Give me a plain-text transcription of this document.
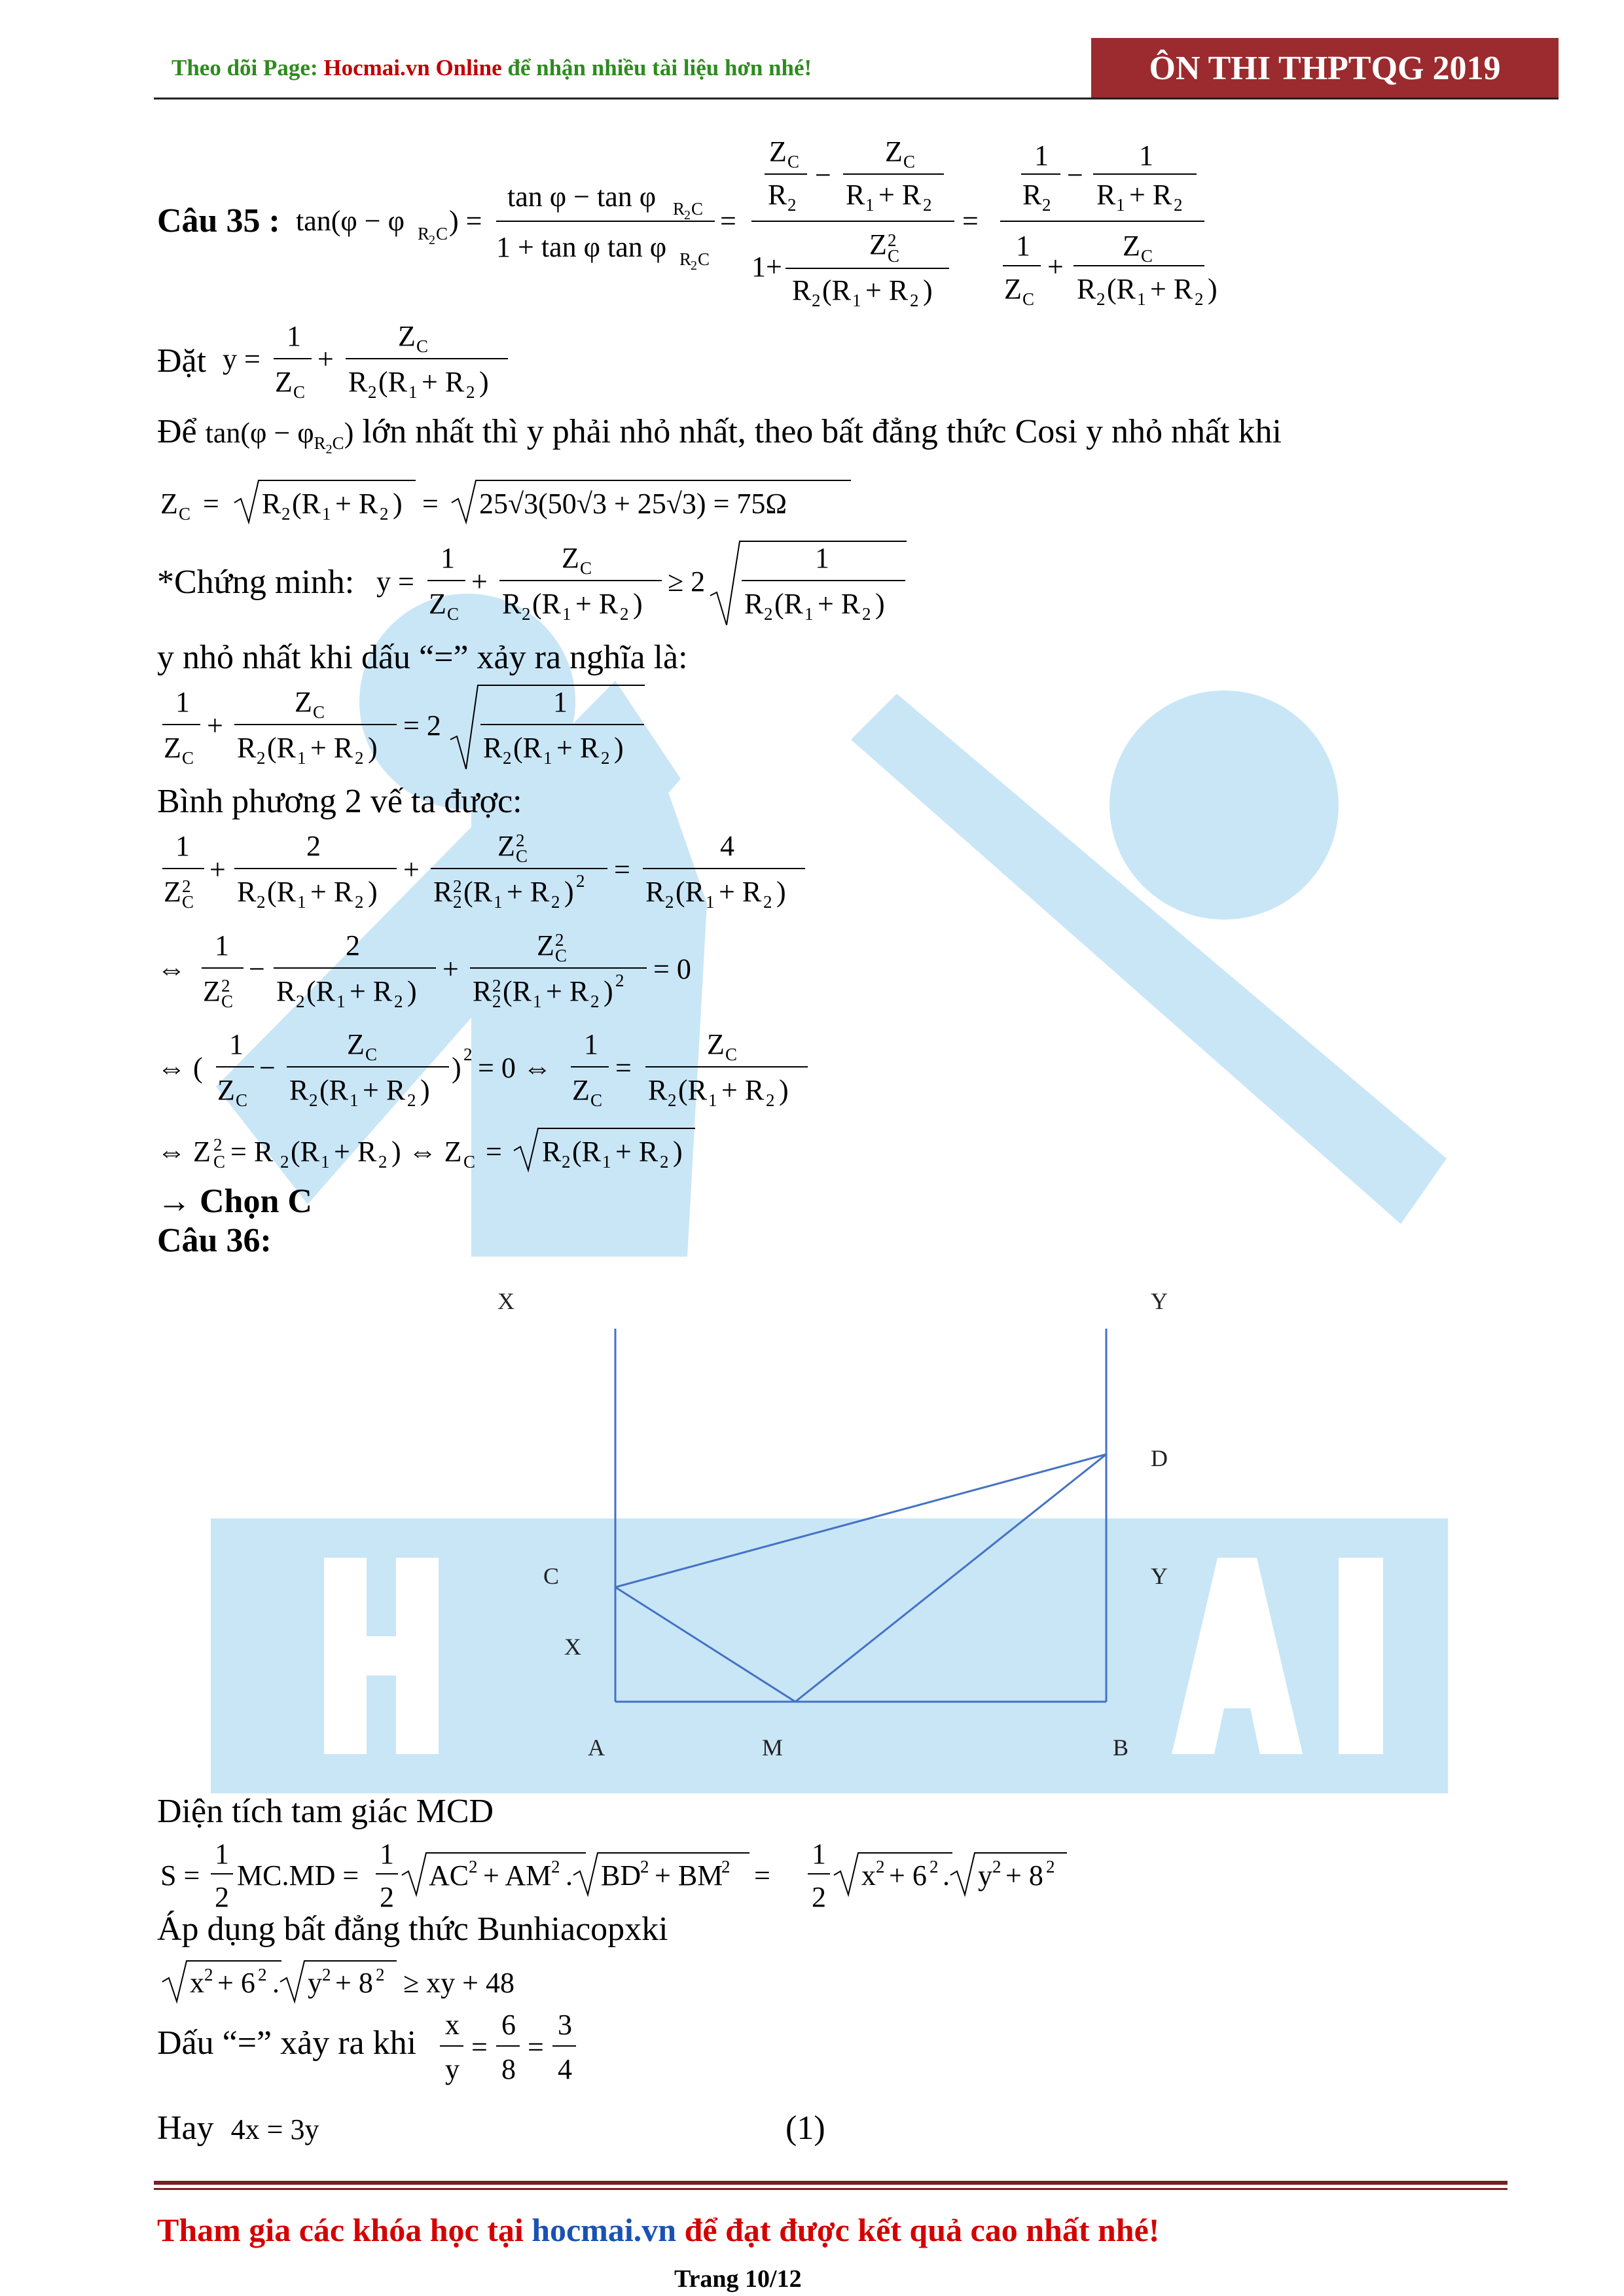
Theo dõi Page: Hocmai.vn Online để nhận nhiều tài liệu hơn nhé!	ÔN THI THPTQG 2019
Câu 35 : tan(φ − φ R
2 C ) =
tan φ − tan φ R
2 C
1 + tan φ tan φ R
2 C
=
Z C
R 2
−
Z C
R 1 + R 2
Z C
2
1+
R 2 (R 1 + R 2 )
=
1
R 2
−
1
R 1 + R 2
1
Z C
+
Z C
R 2 (R 1 + R 2 )
Đặt y =
1
Z C
+
Z C
R 2 (R 1 + R 2 )
Để $\tan(\varphi - \varphi_{R_2C})$ lớn nhất thì y phải nhỏ nhất, theo bất đẳng thức Cosi y nhỏ nhất khi
Z C = R 2 (R 1 + R 2 ) = 25√3(50√3 + 25√3) = 75Ω
*Chứng minh: y =
1
Z C
+
Z C
R 2 (R 1 + R 2 )
≥ 2
1
R 2 (R 1 + R 2 )
y nhỏ nhất khi dấu “=” xảy ra nghĩa là:
1
Z C
+
Z C
R 2 (R 1 + R 2 )
= 2
1
R 2 (R 1 + R 2 )
Bình phương 2 vế ta được:
1
Z C
2
+
2
R 2 (R 1 + R 2 )
+
Z C
2
R 2
2 (R 1 + R 2 ) 2 =
4
R 2 (R 1 + R 2 )
⇔
1
Z C
2
−
2
R 2 (R 1 + R 2 )
+
Z C
2
R 2
2 (R 1 + R 2 ) 2 = 0
⇔ (
1
Z C
−
Z C
R 2 (R 1 + R 2 )
) 2 = 0 ⇔
1
Z C
=
Z C
R 2 (R 1 + R 2 )
⇔ Z C
2 = R 2 (R 1 + R 2 ) ⇔ Z C = R 2 (R 1 + R 2 )
→ Chọn C
Câu 36:
X	Y
D
C	Y
X
A	M	B
Diện tích tam giác MCD
S =
1
2
MC.MD =
1
2
AC 2 + AM 2 . BD
2 + BM
2 =
1
2
x 2 + 6 2 . y 2 + 8 2
Áp dụng bất đẳng thức Bunhiacopxki
x 2 + 6 2 . y 2 + 8 2 ≥ xy + 48
Dấu “=” xảy ra khi x
y
=
6
8
=
3
4
Hay 4x = 3y	(1)
Tham gia các khóa học tại hocmai.vn để đạt được kết quả cao nhất nhé!
Trang 10/12
